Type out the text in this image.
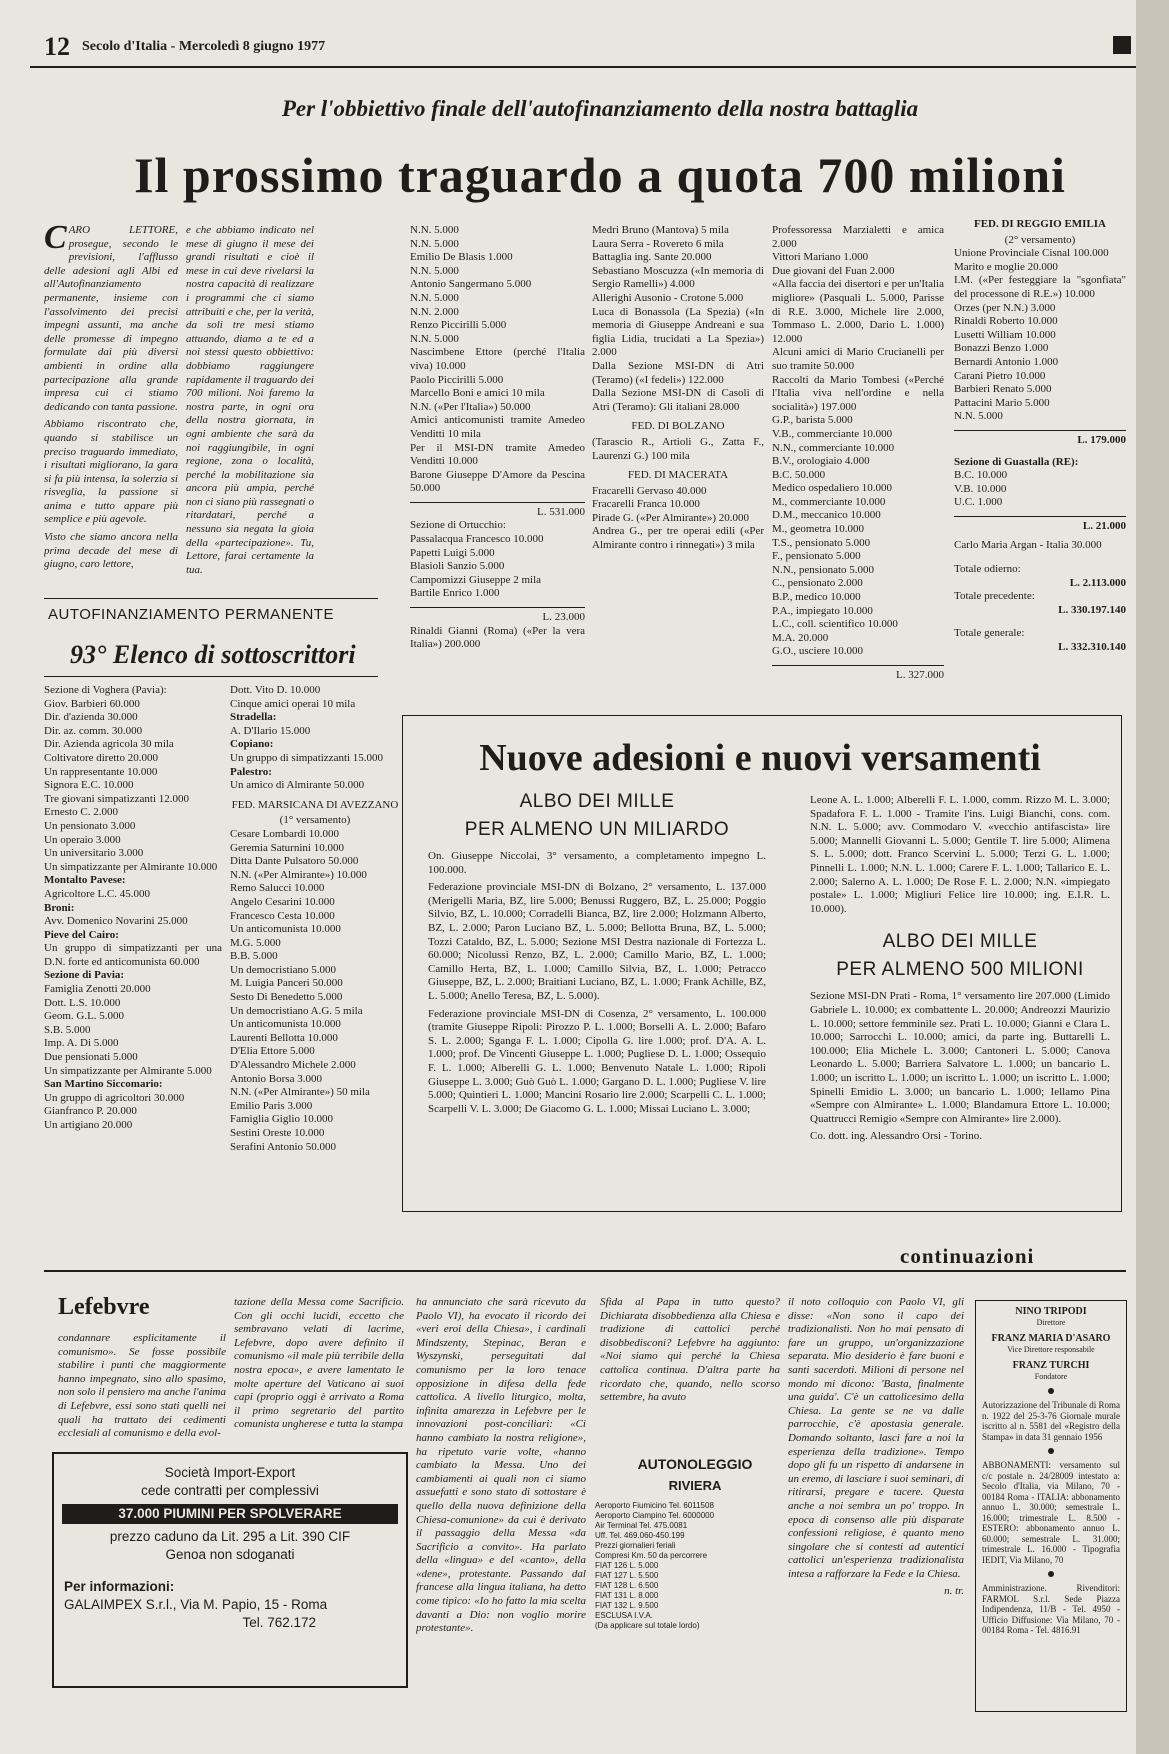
12 Secolo d'Italia - Mercoledì 8 giugno 1977
Per l'obbiettivo finale dell'autofinanziamento della nostra battaglia
Il prossimo traguardo a quota 700 milioni

CARO LETTORE, prosegue, secondo le previsioni, l'afflusso delle adesioni agli Albi ed all'Autofinanziamento permanente, insieme con l'assolvimento dei precisi impegni assunti, ma anche delle promesse di impegno formulate dai più diversi ambienti in ordine alla partecipazione alla grande impresa cui ci stiamo dedicando con tanta passione.

Abbiamo riscontrato che, quando si stabilisce un preciso traguardo immediato, i risultati migliorano, la gara si fa più intensa, la solerzia si risveglia, la passione si anima e tutto appare più semplice e più agevole.

Visto che siamo ancora nella prima decade del mese di giugno, caro lettore,

e che abbiamo indicato nel mese di giugno il mese dei grandi risultati e cioè il mese in cui deve rivelarsi la nostra capacità di realizzare i programmi che ci siamo attribuiti e che, per la verità, da soli tre mesi stiamo attuando, diamo a te ed a noi stessi questo obbiettivo: dobbiamo raggiungere rapidamente il traguardo dei 700 milioni. Noi faremo la nostra parte, in ogni ora della nostra giornata, in ogni ambiente che sarà da noi raggiungibile, in ogni regione, zona o località, perché la mobilitazione sia ancora più ampia, perché non ci siano più rassegnati o ritardatari, perché a nessuno sia negata la gioia della «partecipazione». Tu, Lettore, farai certamente la tua.

N.N. 5.000
N.N. 5.000
Emilio De Blasis 1.000
N.N. 5.000
Antonio Sangermano 5.000
N.N. 5.000
N.N. 2.000
Renzo Piccirilli 5.000
N.N. 5.000
Nascimbene Ettore (perché l'Italia viva) 10.000
Paolo Piccirilli 5.000
Marcello Boni e amici 10 mila
N.N. («Per l'Italia») 50.000
Amici anticomunisti tramite Amedeo Venditti 10 mila
Per il MSI-DN tramite Amedeo Venditti 10.000
Barone Giuseppe D'Amore da Pescina 50.000
L. 531.000
Sezione di Ortucchio:
Passalacqua Francesco 10.000
Papetti Luigi 5.000
Blasioli Sanzio 5.000
Campomizzi Giuseppe 2 mila
Bartile Enrico 1.000
L. 23.000
Rinaldi Gianni (Roma) («Per la vera Italia») 200.000
Medri Bruno (Mantova) 5 mila
Laura Serra - Rovereto 6 mila
Battaglia ing. Sante 20.000
Sebastiano Moscuzza («In memoria di Sergio Ramelli») 4.000
Allerighi Ausonio - Crotone 5.000
Luca di Bonassola (La Spezia) («In memoria di Giuseppe Andreani e sua figlia Lidia, trucidati a La Spezia») 2.000
Dalla Sezione MSI-DN di Atri (Teramo) («I fedeli») 122.000
Dalla Sezione MSI-DN di Casoli di Atri (Teramo): Gli italiani 28.000
FED. DI BOLZANO
(Tarascio R., Artioli G., Zatta F., Laurenzi G.) 100 mila
FED. DI MACERATA
Fracarelli Gervaso 40.000
Fracarelli Franca 10.000
Pirade G. («Per Almirante») 20.000
Andrea G., per tre operai edili («Per Almirante contro i rinnegati») 3 mila
Professoressa Marzialetti e amica 2.000
Vittori Mariano 1.000
Due giovani del Fuan 2.000
«Alla faccia dei disertori e per un'Italia migliore» (Pasquali L. 5.000, Parisse di R.E. 3.000, Michele lire 2.000, Tommaso L. 2.000, Dario L. 1.000) 12.000
Alcuni amici di Mario Crucianelli per suo tramite 50.000
Raccolti da Mario Tombesi («Perché l'Italia viva nell'ordine e nella socialità») 197.000
G.P., barista 5.000
V.B., commerciante 10.000
N.N., commerciante 10.000
B.V., orologiaio 4.000
B.C. 50.000
Medico ospedaliero 10.000
M., commerciante 10.000
D.M., meccanico 10.000
M., geometra 10.000
T.S., pensionato 5.000
F., pensionato 5.000
N.N., pensionato 5.000
C., pensionato 2.000
B.P., medico 10.000
P.A., impiegato 10.000
L.C., coll. scientifico 10.000
M.A. 20.000
G.O., usciere 10.000
L. 327.000
FED. DI REGGIO EMILIA
(2° versamento)
Unione Provinciale Cisnal 100.000
Marito e moglie 20.000
I.M. («Per festeggiare la "sgonfiata" del processone di R.E.») 10.000
Orzes (per N.N.) 3.000
Rinaldi Roberto 10.000
Lusetti William 10.000
Bonazzi Benzo 1.000
Bernardi Antonio 1.000
Carani Pietro 10.000
Barbieri Renato 5.000
Pattacini Mario 5.000
N.N. 5.000
L. 179.000
Sezione di Guastalla (RE):
B.C. 10.000
V.B. 10.000
U.C. 1.000
L. 21.000
Carlo Maria Argan - Italia 30.000
Totale odierno:
L. 2.113.000
Totale precedente:
L. 330.197.140
Totale generale:
L. 332.310.140
AUTOFINANZIAMENTO PERMANENTE
93° Elenco di sottoscrittori
Sezione di Voghera (Pavia):
Giov. Barbieri 60.000
Dir. d'azienda 30.000
Dir. az. comm. 30.000
Dir. Azienda agricola 30 mila
Coltivatore diretto 20.000
Un rappresentante 10.000
Signora E.C. 10.000
Tre giovani simpatizzanti 12.000
Ernesto C. 2.000
Un pensionato 3.000
Un operaio 3.000
Un universitario 3.000
Un simpatizzante per Almirante 10.000
Montalto Pavese:
Agricoltore L.C. 45.000
Broni:
Avv. Domenico Novarini 25.000
Pieve del Cairo:
Un gruppo di simpatizzanti per una D.N. forte ed anticomunista 60.000
Sezione di Pavia:
Famiglia Zenotti 20.000
Dott. L.S. 10.000
Geom. G.L. 5.000
S.B. 5.000
Imp. A. Di 5.000
Due pensionati 5.000
Un simpatizzante per Almirante 5.000
San Martino Siccomario:
Un gruppo di agricoltori 30.000
Gianfranco P. 20.000
Un artigiano 20.000
Dott. Vito D. 10.000
Cinque amici operai 10 mila
Stradella:
A. D'Ilario 15.000
Copiano:
Un gruppo di simpatizzanti 15.000
Palestro:
Un amico di Almirante 50.000
FED. MARSICANA DI AVEZZANO
(1° versamento)
Cesare Lombardi 10.000
Geremia Saturnini 10.000
Ditta Dante Pulsatoro 50.000
N.N. («Per Almirante») 10.000
Remo Salucci 10.000
Angelo Cesarini 10.000
Francesco Cesta 10.000
Un anticomunista 10.000
M.G. 5.000
B.B. 5.000
Un democristiano 5.000
M. Luigia Panceri 50.000
Sesto Di Benedetto 5.000
Un democristiano A.G. 5 mila
Un anticomunista 10.000
Laurenti Bellotta 10.000
D'Elia Ettore 5.000
D'Alessandro Michele 2.000
Antonio Borsa 3.000
N.N. («Per Almirante») 50 mila
Emilio Paris 3.000
Famiglia Giglio 10.000
Sestini Oreste 10.000
Serafini Antonio 50.000
Nuove adesioni e nuovi versamenti
ALBO DEI MILLE
PER ALMENO UN MILIARDO

On. Giuseppe Niccolai, 3° versamento, a completamento impegno L. 100.000.

Federazione provinciale MSI-DN di Bolzano, 2° versamento, L. 137.000 (Merigelli Maria, BZ, lire 5.000; Benussi Ruggero, BZ, L. 25.000; Poggio Silvio, BZ, L. 10.000; Corradelli Bianca, BZ, lire 2.000; Holzmann Alberto, BZ, L. 2.000; Paron Luciano BZ, L. 5.000; Bellotta Bruna, BZ, L. 5.000; Tozzi Cataldo, BZ, L. 5.000; Sezione MSI Destra nazionale di Fortezza L. 60.000; Nicolussi Renzo, BZ, L. 2.000; Camillo Mario, BZ, L. 1.000; Camillo Herta, BZ, L. 1.000; Camillo Silvia, BZ, L. 1.000; Petracco Giuseppe, BZ, L. 2.000; Braitiani Luciano, BZ, L. 1.000; Frank Achille, BZ, L. 5.000; Anello Teresa, BZ, L. 5.000).

Federazione provinciale MSI-DN di Cosenza, 2° versamento, L. 100.000 (tramite Giuseppe Ripoli: Pirozzo P. L. 1.000; Borselli A. L. 2.000; Bafaro S. L. 2.000; Sganga F. L. 1.000; Cipolla G. lire 1.000; prof. D'A. A. L. 1.000; prof. De Vincenti Giuseppe L. 1.000; Pugliese D. L. 1.000; Ossequio F. L. 1.000; Alberelli G. L. 1.000; Benvenuto Natale L. 1.000; Ripoli Giuseppe L. 3.000; Guò Guò L. 1.000; Gargano D. L. 1.000; Pugliese V. lire 5.000; Quintieri L. 1.000; Mancini Rosario lire 2.000; Scarpelli C. L. 1.000; Scarpelli V. L. 3.000; De Giacomo G. L. 1.000; Missai Luciano L. 3.000;

Leone A. L. 1.000; Alberelli F. L. 1.000, comm. Rizzo M. L. 3.000; Spadafora F. L. 1.000 - Tramite l'ins. Luigi Bianchi, cons. com. N.N. L. 5.000; avv. Commodaro V. «vecchio antifascista» lire 5.000; Mannelli Giovanni L. 5.000; Gentile T. lire 5.000; Alimena S. L. 5.000; dott. Franco Scervini L. 5.000; Terzi G. L. 1.000; Pinnelli L. 1.000; N.N. L. 1.000; Carere F. L. 1.000; Tallarico E. L. 2.000; Salerno A. L. 1.000; De Rose F. L. 2.000; N.N. «impiegato postale» L. 1.000; Migliuri Felice lire 10.000; ing. E.I.R. L. 10.000).

ALBO DEI MILLE
PER ALMENO 500 MILIONI

Sezione MSI-DN Prati - Roma, 1° versamento lire 207.000 (Limido Gabriele L. 10.000; ex combattente L. 20.000; Andreozzi Maurizio L. 10.000; settore femminile sez. Prati L. 10.000; Gianni e Clara L. 10.000; Sarrocchi L. 10.000; amici, da parte ing. Buttarelli L. 100.000; Elia Michele L. 3.000; Cantoneri L. 5.000; Canova Leonardo L. 5.000; Barriera Salvatore L. 1.000; un bancario L. 1.000; un iscritto L. 1.000; un iscritto L. 1.000; un iscritto L. 1.000; Spinelli Emidio L. 3.000; un bancario L. 1.000; Iellamo Pina «Sempre con Almirante» L. 1.000; Blandamura Ettore L. 10.000; Quattrucci Remigio «Sempre con Almirante» lire 2.000).

Co. dott. ing. Alessandro Orsi - Torino.

continuazioni
Lefebvre

condannare esplicitamente il comunismo». Se fosse possibile stabilire i punti che maggiormente hanno impegnato, sino allo spasimo, non solo il pensiero ma anche l'anima di Lefebvre, essi sono stati quelli nei quali ha trattato dei cedimenti ecclesiali al comunismo e della evol-

tazione della Messa come Sacrificio. Con gli occhi lucidi, eccetto che sembravano velati di lacrime, Lefebvre, dopo avere definito il comunismo «il male più terribile della nostra epoca», e avere lamentato le molte aperture del Vaticano ai suoi capi (proprio oggi è arrivato a Roma il primo segretario del partito comunista ungherese e tutta la stampa

ha annunciato che sarà ricevuto da Paolo VI), ha evocato il ricordo dei «veri eroi della Chiesa», i cardinali Mindszenty, Stepinac, Beran e Wyszynski, perseguitati dal comunismo per la loro tenace opposizione in difesa della fede cattolica. A livello liturgico, molta, infinita amarezza in Lefebvre per le innovazioni post-conciliari: «Ci hanno cambiato la nostra religione», ha ripetuto varie volte, «hanno cambiato la Messa. Uno dei cambiamenti ai quali non ci siamo assuefatti e sono stato di sottostare è quello della nuova definizione della Chiesa-comunione» da cui è derivato il passaggio della Messa «da Sacrificio a convito». Ha parlato della «lingua» e del «canto», della «dene», protestante. Passando dal francese alla lingua italiana, ha detto come tipico: «Io ho fatto la mia scelta davanti a Dio: non voglio morire protestante».

Sfida al Papa in tutto questo? Dichiarata disobbedienza alla Chiesa e tradizione di cattolici perché disobbedisconi? Lefebvre ha aggiunto: «Noi siamo qui perché la Chiesa cattolica continua. D'altra parte ha ricordato che, quando, nello scorso settembre, ha avuto

il noto colloquio con Paolo VI, gli disse: «Non sono il capo dei tradizionalisti. Non ho mai pensato di fare un gruppo, un'organizzazione separata. Mio desiderio è fare buoni e santi sacerdoti. Milioni di persone nel mondo mi dicono: 'Basta, finalmente una guida'. C'è un cattolicesimo della Chiesa. La gente se ne va dalle parrocchie, c'è apostasia generale. Domando soltanto, lasci fare a noi la esperienza della tradizione». Tempo dopo gli fu un rispetto di andarsene in un eremo, di lasciare i suoi seminari, di ritirarsi, pregare e tacere. Questa anche a noi sembra un po' troppo. In epoca di consenso alle più disparate confessioni religiose, è quanto meno singolare che si contesti ad autentici cattolici un'esperienza tradizionalista intesa a rafforzare la Fede e la Chiesa.

n. tr.
Società Import-Export
cede contratti per complessivi
37.000 PIUMINI PER SPOLVERARE
prezzo caduno da Lit. 295 a Lit. 390 CIF
Genoa non sdoganati
Per informazioni:
GALAIMPEX S.r.l., Via M. Papio, 15 - Roma
Tel. 762.172
AUTONOLEGGIO
RIVIERA
Aeroporto Fiumicino Tel. 6011508
Aeroporto Ciampino Tel. 6000000
Air Terminal Tel. 475.0081
Uff. Tel. 469.060-450.199
Prezzi giornalieri feriali
Compresi Km. 50 da percorrere
FIAT 126 L. 5.000
FIAT 127 L. 5.500
FIAT 128 L. 6.500
FIAT 131 L. 8.000
FIAT 132 L. 9.500
ESCLUSA I.V.A.
(Da applicare sul totale lordo)
NINO TRIPODI
Direttore
FRANZ MARIA D'ASARO
Vice Direttore responsabile
FRANZ TURCHI
Fondatore
Autorizzazione del Tribunale di Roma n. 1922 del 25-3-76 Giornale murale iscritto al n. 5581 del «Registro della Stampa» in data 31 gennaio 1956
ABBONAMENTI: versamento sul c/c postale n. 24/28009 intestato a: Secolo d'Italia, via Milano, 70 - 00184 Roma - ITALIA: abbonamento annuo L. 30.000; semestrale L. 16.000; trimestrale L. 8.500 - ESTERO: abbonamento annuo L. 60.000; semestrale L. 31.000; trimestrale L. 16.000 - Tipografia IEDIT, Via Milano, 70
Amministrazione. Rivenditori: FARMOL S.r.l. Sede Piazza Indipendenza, 11/B - Tel. 4950 - Ufficio Diffusione: Via Milano, 70 - 00184 Roma - Tel. 4816.91
